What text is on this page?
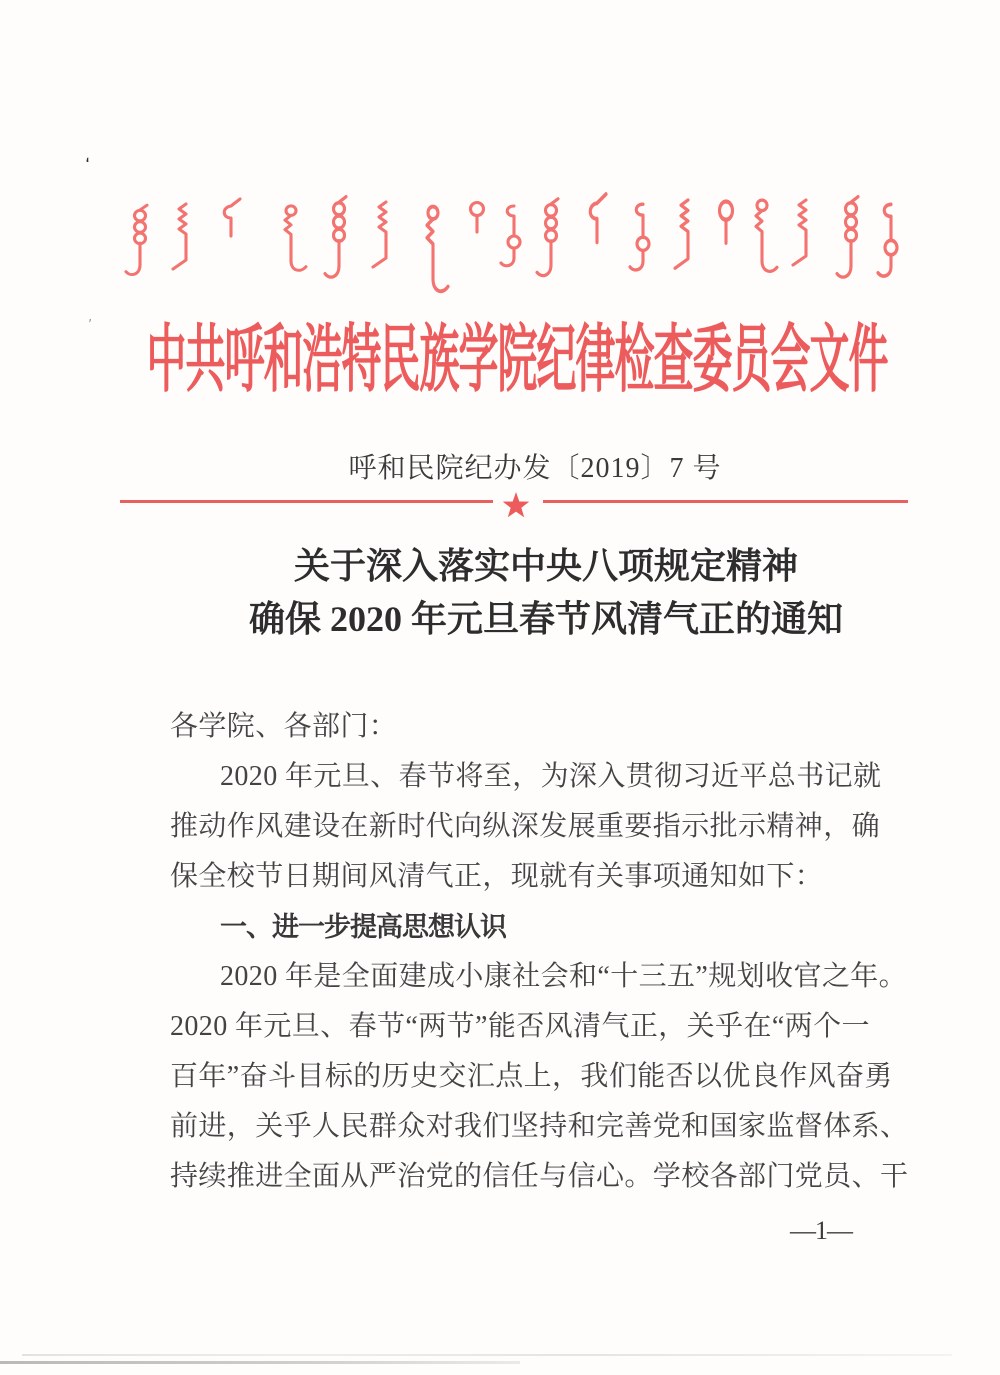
ʻ
’	中共呼和浩特民族学院纪律检查委员会文件
呼和民院纪办发〔2019〕7 号
关于深入落实中央八项规定精神
确保 2020 年元旦春节风清气正的通知

各学院、各部门：

2020 年元旦、春节将至，为深入贯彻习近平总书记就

推动作风建设在新时代向纵深发展重要指示批示精神，确

保全校节日期间风清气正，现就有关事项通知如下：

一、进一步提高思想认识

2020 年是全面建成小康社会和“十三五”规划收官之年。

2020 年元旦、春节“两节”能否风清气正，关乎在“两个一

百年”奋斗目标的历史交汇点上，我们能否以优良作风奋勇

前进，关乎人民群众对我们坚持和完善党和国家监督体系、

持续推进全面从严治党的信任与信心。学校各部门党员、干

—1—
